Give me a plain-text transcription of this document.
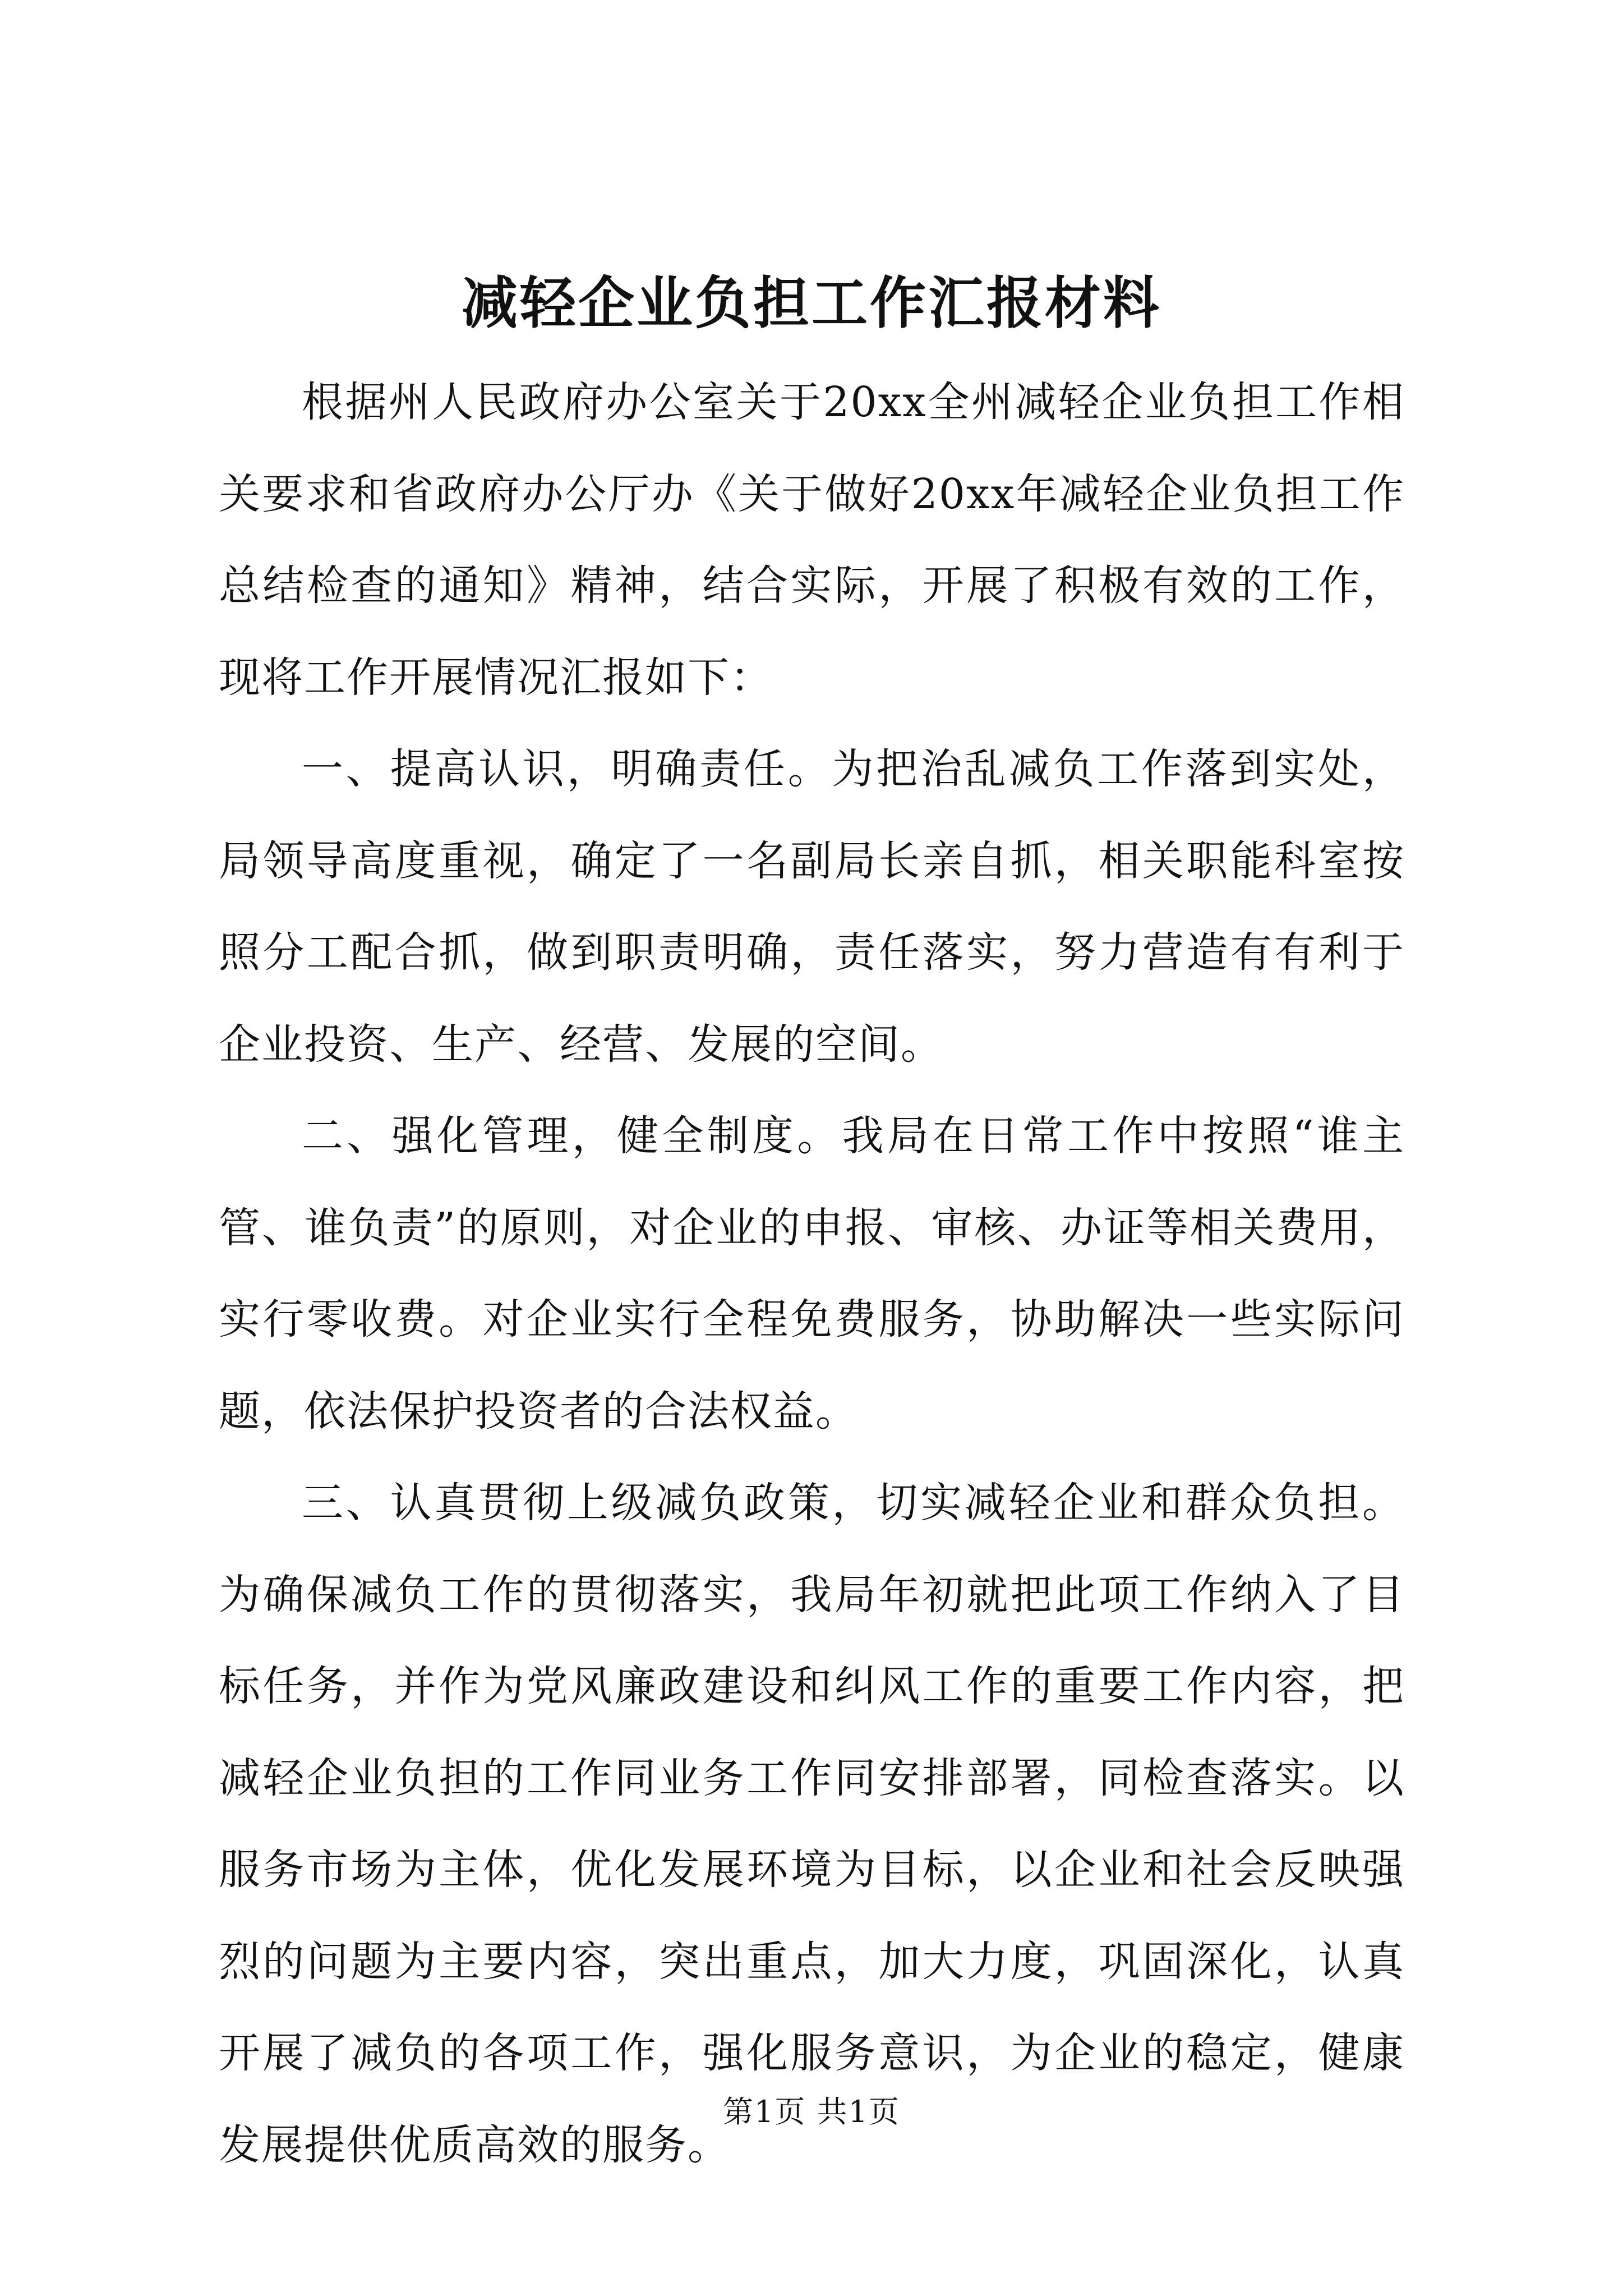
减轻企业负担工作汇报材料

根据州人民政府办公室关于20xx全州减轻企业负担工作相关要求和省政府办公厅办《关于做好20xx年减轻企业负担工作总结检查的通知》精神，结合实际，开展了积极有效的工作，现将工作开展情况汇报如下：

一、提高认识，明确责任。为把治乱减负工作落到实处，局领导高度重视，确定了一名副局长亲自抓，相关职能科室按照分工配合抓，做到职责明确，责任落实，努力营造有有利于企业投资、生产、经营、发展的空间。

二、强化管理，健全制度。我局在日常工作中按照“谁主管、谁负责”的原则，对企业的申报、审核、办证等相关费用，实行零收费。对企业实行全程免费服务，协助解决一些实际问题，依法保护投资者的合法权益。

三、认真贯彻上级减负政策，切实减轻企业和群众负担。为确保减负工作的贯彻落实，我局年初就把此项工作纳入了目标任务，并作为党风廉政建设和纠风工作的重要工作内容，把减轻企业负担的工作同业务工作同安排部署，同检查落实。以服务市场为主体，优化发展环境为目标，以企业和社会反映强烈的问题为主要内容，突出重点，加大力度，巩固深化，认真开展了减负的各项工作，强化服务意识，为企业的稳定，健康发展提供优质高效的服务。

第1页 共1页
